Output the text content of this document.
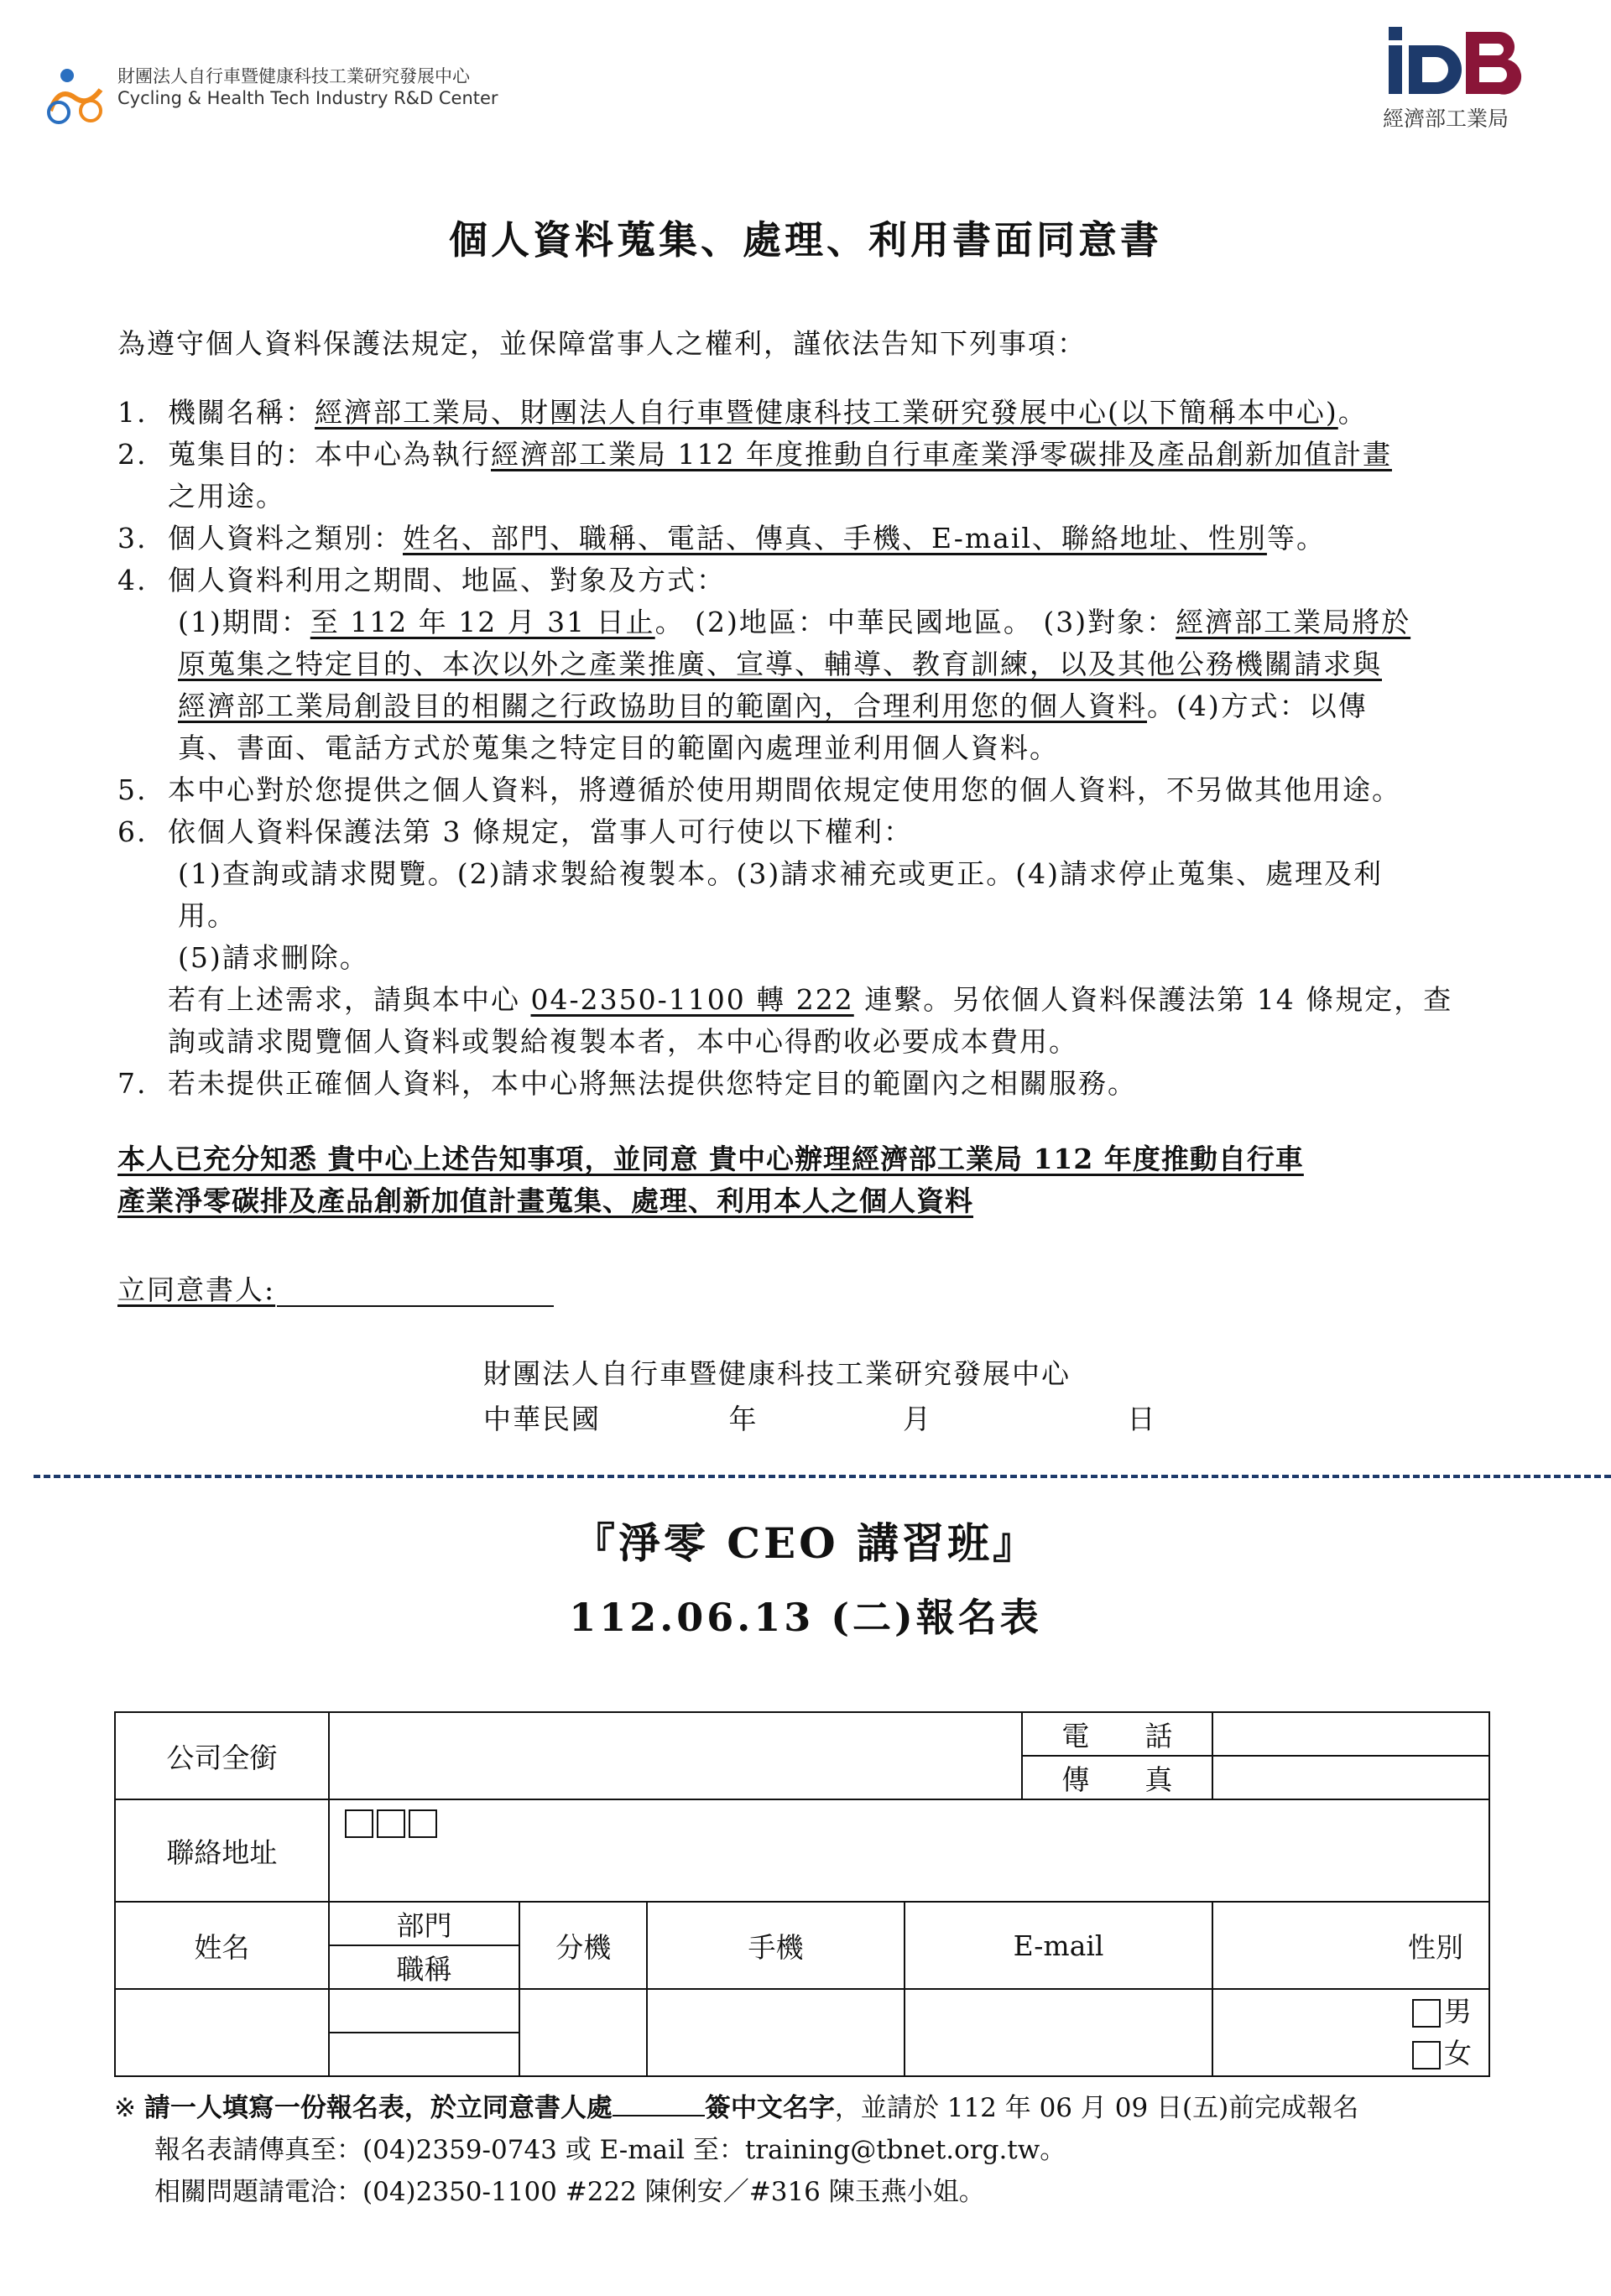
財團法人自行車暨健康科技工業研究發展中心
Cycling & Health Tech Industry R&D Center
經濟部工業局
個人資料蒐集、處理、利用書面同意書
為遵守個人資料保護法規定，並保障當事人之權利，謹依法告知下列事項：
1. 機關名稱：經濟部工業局、財團法人自行車暨健康科技工業研究發展中心(以下簡稱本中心)。
2. 蒐集目的：本中心為執行經濟部工業局 112 年度推動自行車產業淨零碳排及產品創新加值計畫
之用途。
3. 個人資料之類別：姓名、部門、職稱、電話、傳真、手機、E-mail、聯絡地址、性別等。
4. 個人資料利用之期間、地區、對象及方式：
(1)期間：至 112 年 12 月 31 日止。 (2)地區：中華民國地區。 (3)對象：經濟部工業局將於
原蒐集之特定目的、本次以外之產業推廣、宣導、輔導、教育訓練，以及其他公務機關請求與
經濟部工業局創設目的相關之行政協助目的範圍內，合理利用您的個人資料。(4)方式：以傳
真、書面、電話方式於蒐集之特定目的範圍內處理並利用個人資料。
5. 本中心對於您提供之個人資料，將遵循於使用期間依規定使用您的個人資料，不另做其他用途。
6. 依個人資料保護法第 3 條規定，當事人可行使以下權利：
(1)查詢或請求閱覽。(2)請求製給複製本。(3)請求補充或更正。(4)請求停止蒐集、處理及利
用。
(5)請求刪除。
若有上述需求，請與本中心 04-2350-1100 轉 222 連繫。另依個人資料保護法第 14 條規定，查
詢或請求閱覽個人資料或製給複製本者，本中心得酌收必要成本費用。
7. 若未提供正確個人資料，本中心將無法提供您特定目的範圍內之相關服務。
本人已充分知悉 貴中心上述告知事項，並同意 貴中心辦理經濟部工業局 112 年度推動自行車
產業淨零碳排及產品創新加值計畫蒐集、處理、利用本人之個人資料
立同意書人:
財團法人自行車暨健康科技工業研究發展中心
中華民國	年	月	日
『淨零 CEO 講習班』
112.06.13 (二)報名表
公司全銜					電　　話	
					傳　　真	
聯絡地址						
姓名	部門	分機	手機	E-mail		性別
	職稱					

						男
女

※ 請一人填寫一份報名表，於立同意書人處	簽中文名字，並請於 112 年 06 月 09 日(五)前完成報名
報名表請傳真至：(04)2359-0743 或 E-mail 至：training@tbnet.org.tw。
相關問題請電洽：(04)2350-1100 #222 陳俐安／#316 陳玉燕小姐。
